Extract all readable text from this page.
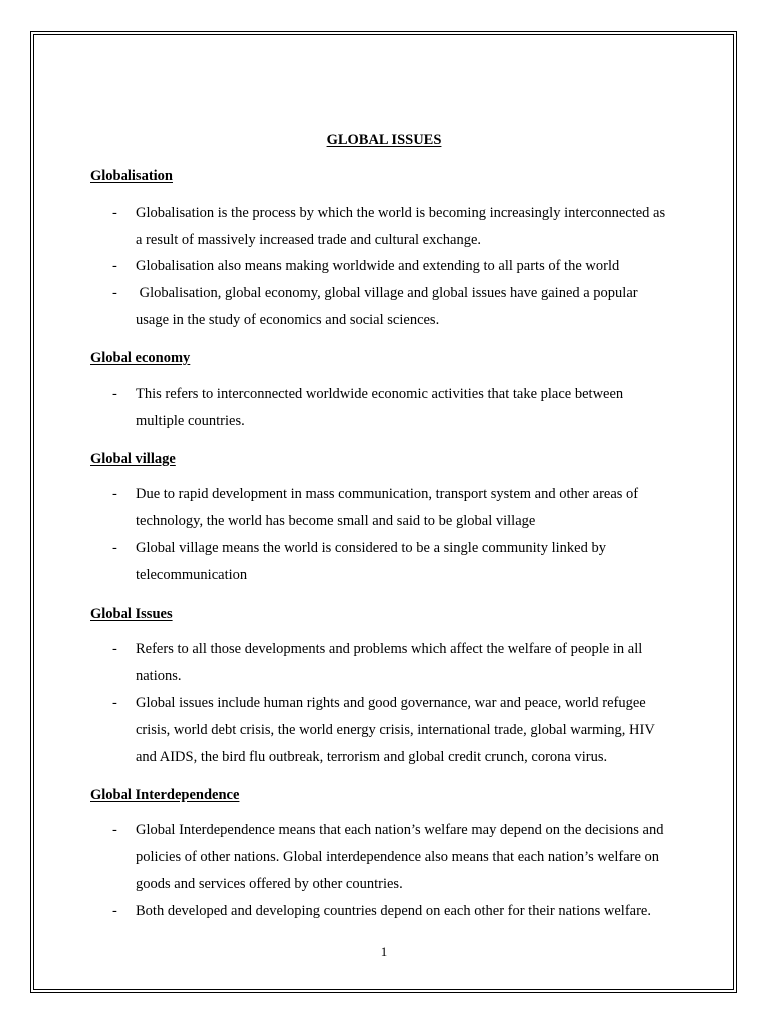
GLOBAL ISSUES
Globalisation
- Globalisation is the process by which the world is becoming increasingly interconnected as a result of massively increased trade and cultural exchange.
- Globalisation also means making worldwide and extending to all parts of the world
- Globalisation, global economy, global village and global issues have gained a popular usage in the study of economics and social sciences.
Global economy
- This refers to interconnected worldwide economic activities that take place between multiple countries.
Global village
- Due to rapid development in mass communication, transport system and other areas of technology, the world has become small and said to be global village
- Global village means the world is considered to be a single community linked by telecommunication
Global Issues
- Refers to all those developments and problems which affect the welfare of people in all nations.
- Global issues include human rights and good governance, war and peace, world refugee crisis, world debt crisis, the world energy crisis, international trade, global warming, HIV and AIDS, the bird flu outbreak, terrorism and global credit crunch, corona virus.
Global Interdependence
- Global Interdependence means that each nation’s welfare may depend on the decisions and policies of other nations. Global interdependence also means that each nation’s welfare on goods and services offered by other countries.
- Both developed and developing countries depend on each other for their nations welfare.
1
